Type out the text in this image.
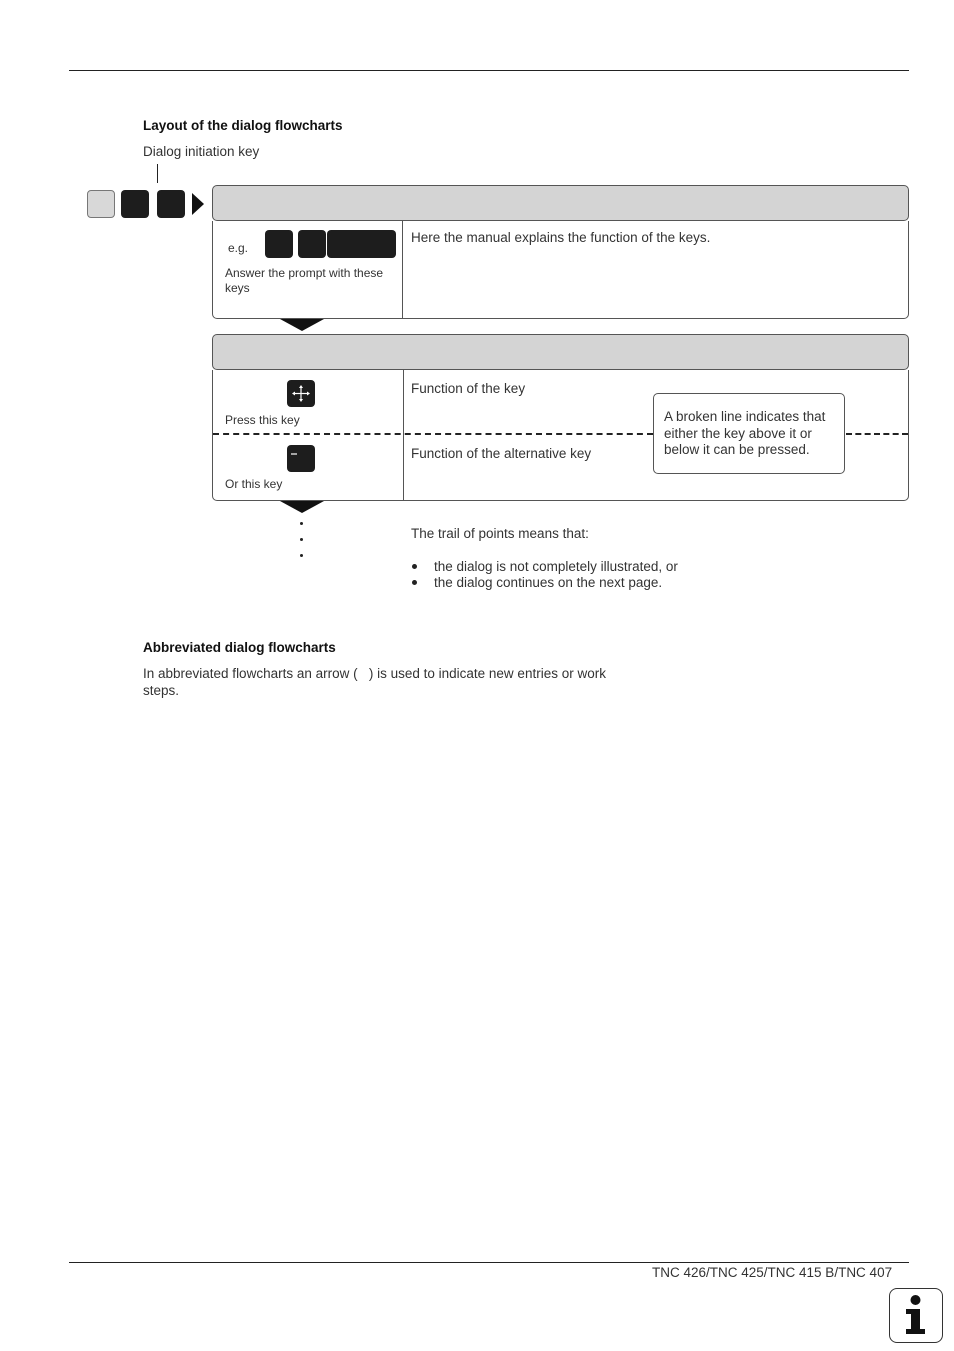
Layout of the dialog flowcharts
Dialog initiation key
e.g.
Answer the prompt with these keys
Here the manual explains the function of the keys.
Press this key
Function of the key
Or this key
Function of the alternative key
A broken line indicates that either the key above it or below it can be pressed.
The trail of points means that:
the dialog is not completely illustrated, or
the dialog continues on the next page.
Abbreviated dialog flowcharts
In abbreviated flowcharts an arrow (   ) is used to indicate new entries or work steps.
TNC 426/TNC 425/TNC 415 B/TNC 407
